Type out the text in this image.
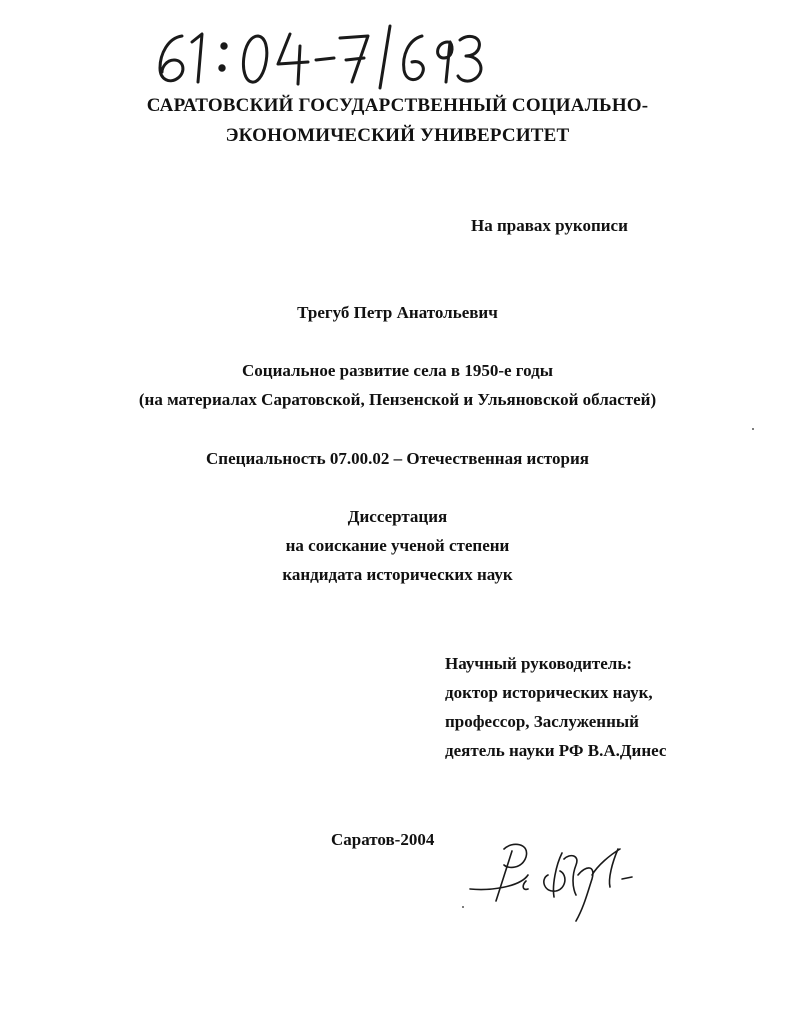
САРАТОВСКИЙ ГОСУДАРСТВЕННЫЙ СОЦИАЛЬНО-
ЭКОНОМИЧЕСКИЙ УНИВЕРСИТЕТ
На правах рукописи
Трегуб Петр Анатольевич
Социальное развитие села в 1950-е годы
(на материалах Саратовской, Пензенской и Ульяновской областей)
Специальность 07.00.02 – Отечественная история
Диссертация
на соискание ученой степени
кандидата исторических наук
Научный руководитель:
доктор исторических наук,
профессор, Заслуженный
деятель науки РФ В.А.Динес
Саратов-2004
